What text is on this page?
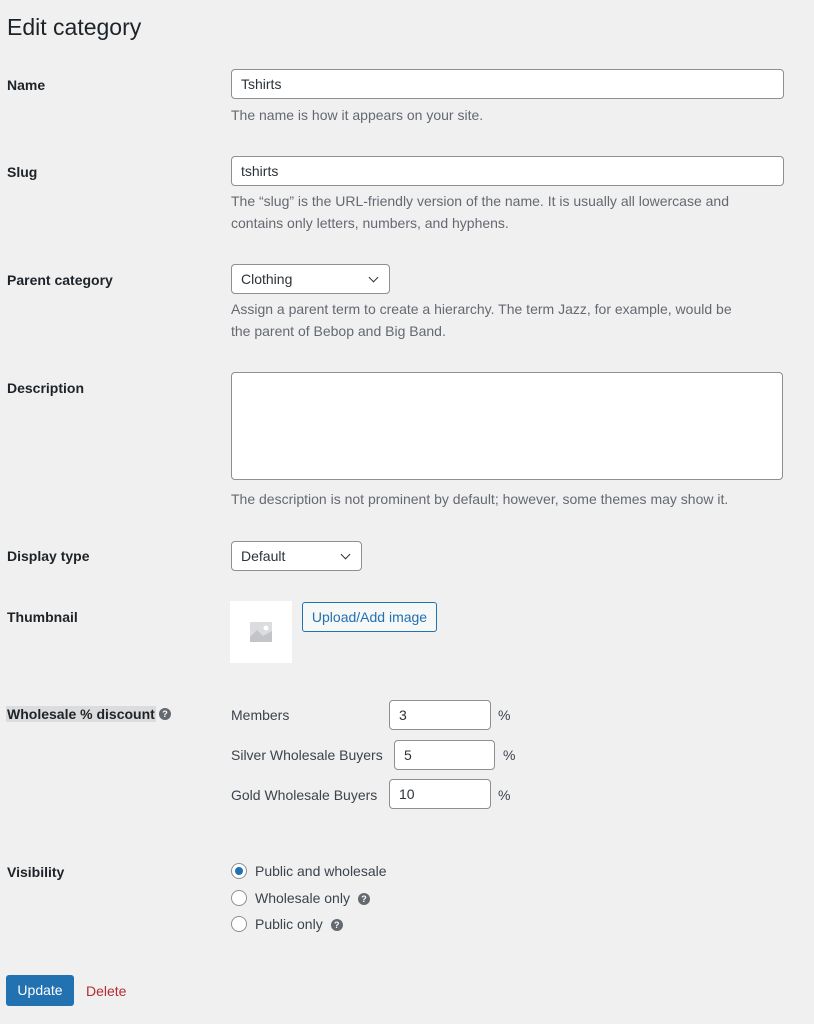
Edit category
Name	Tshirts
The name is how it appears on your site.
Slug	tshirts
The “slug” is the URL-friendly version of the name. It is usually all lowercase and
contains only letters, numbers, and hyphens.
Parent category	Clothing
Assign a parent term to create a hierarchy. The term Jazz, for example, would be
the parent of Bebop and Big Band.
Description
The description is not prominent by default; however, some themes may show it.
Display type	Default
Thumbnail	Upload/Add image
Wholesale % discount ?	Members	3	%
Silver Wholesale Buyers	5	%
Gold Wholesale Buyers	10	%
Visibility	Public and wholesale
Wholesale only ?
Public only ?
Update	Delete
